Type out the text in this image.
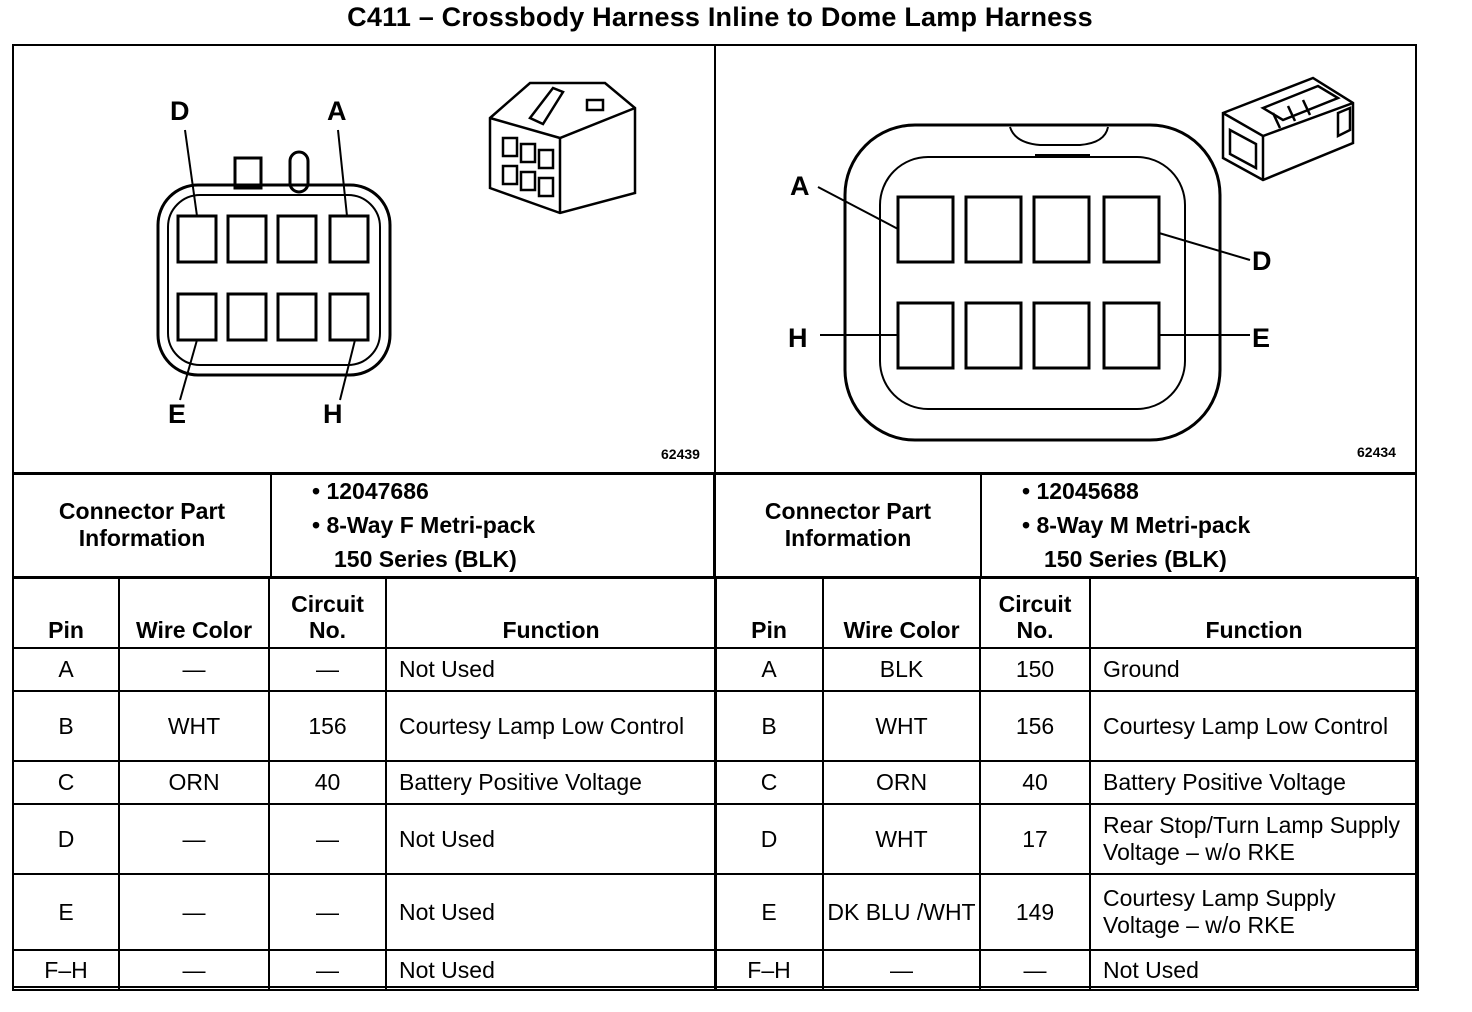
C411 – Crossbody Harness Inline to Dome Lamp Harness
D	A
E	H
A
D
H	E
62439	62434
Connector Part Information	
• 12047686
• 8-Way F Metri-pack
150 Series (BLK)
Connector Part Information	
• 12045688
• 8-Way M Metri-pack
150 Series (BLK)
Pin	Wire Color	Circuit No.	Function
A	—	—	Not Used
B	WHT	156	Courtesy Lamp Low Control
C	ORN	40	Battery Positive Voltage
D	—	—	Not Used
E	—	—	Not Used
F–H	—	—	Not Used
Pin	Wire Color	Circuit No.	Function
A	BLK	150	Ground
B	WHT	156	Courtesy Lamp Low Control
C	ORN	40	Battery Positive Voltage
D	WHT	17	Rear Stop/Turn Lamp Supply Voltage – w/o RKE
E	DK BLU /WHT	149	Courtesy Lamp Supply Voltage – w/o RKE
F–H	—	—	Not Used
